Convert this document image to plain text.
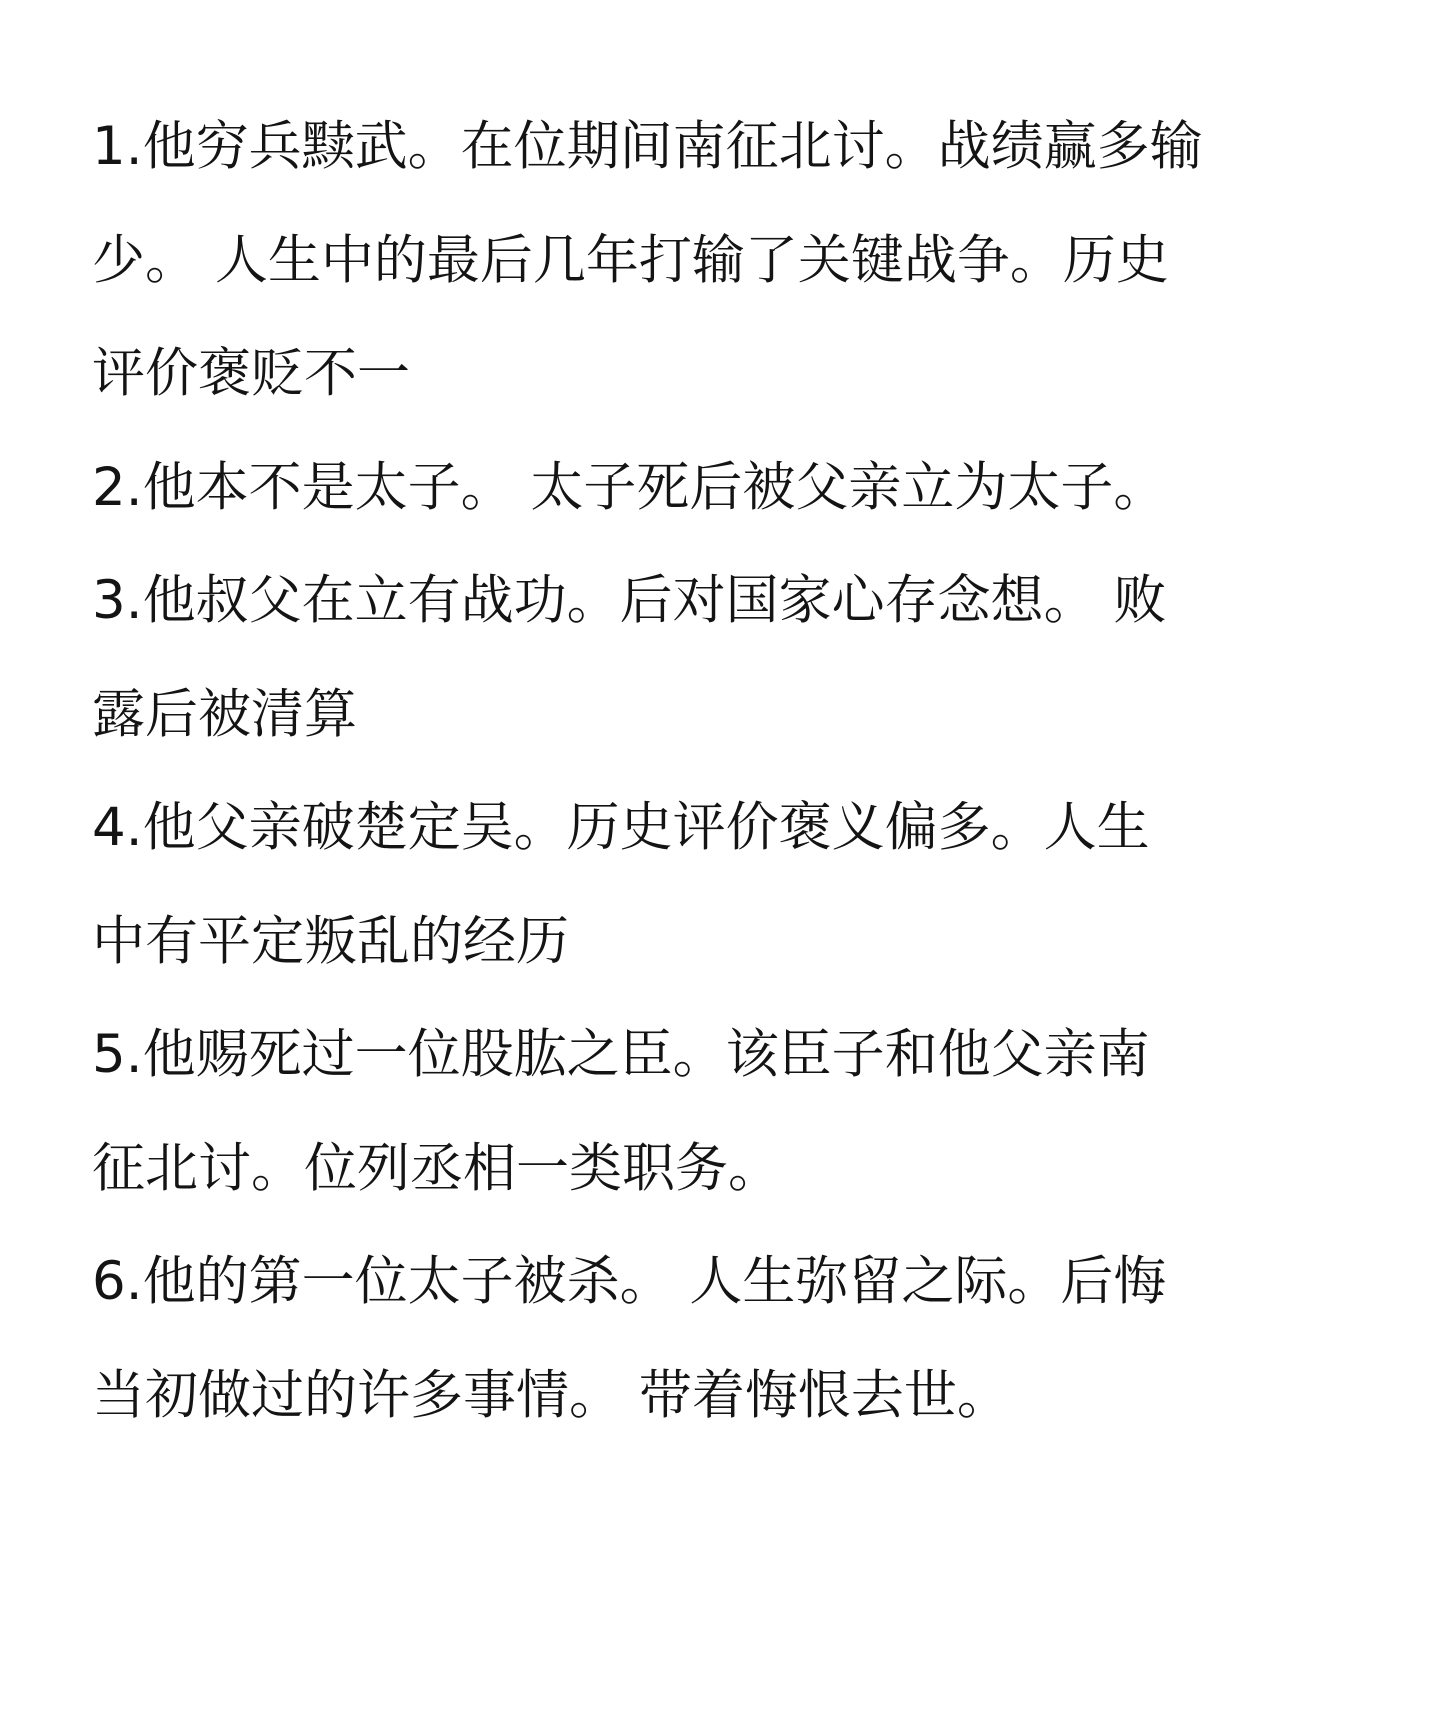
1.他穷兵黩武。在位期间南征北讨。战绩赢多输
少。 人生中的最后几年打输了关键战争。历史
评价褒贬不一
2.他本不是太子。 太子死后被父亲立为太子。
3.他叔父在立有战功。后对国家心存念想。 败
露后被清算
4.他父亲破楚定吴。历史评价褒义偏多。人生
中有平定叛乱的经历
5.他赐死过一位股肱之臣。该臣子和他父亲南
征北讨。位列丞相一类职务。
6.他的第一位太子被杀。 人生弥留之际。后悔
当初做过的许多事情。 带着悔恨去世。
